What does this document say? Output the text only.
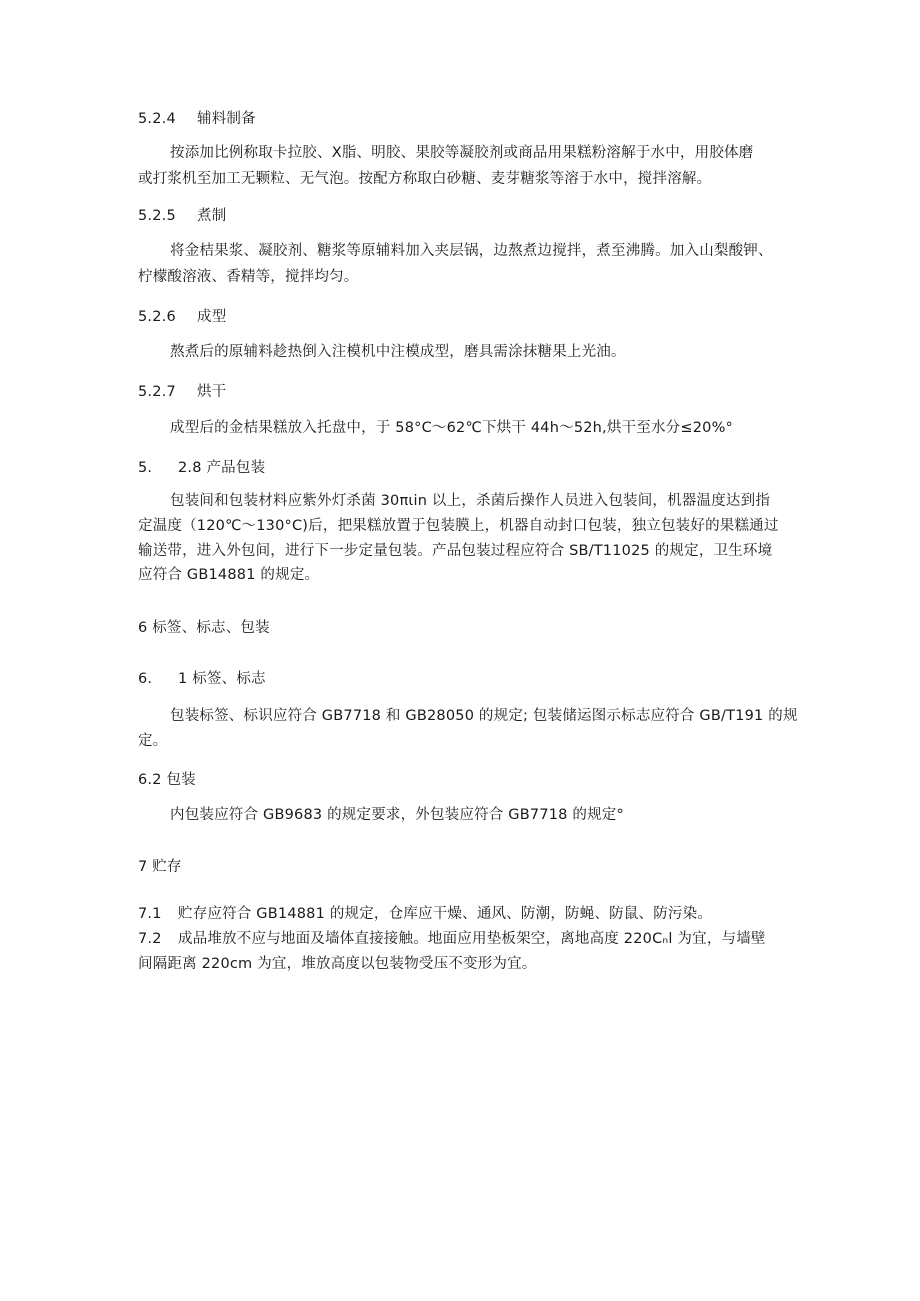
5.2.4 辅料制备
按添加比例称取卡拉胶、X脂、明胶、果胶等凝胶剂或商品用果糕粉溶解于水中，用胶体磨
或打浆机至加工无颗粒、无气泡。按配方称取白砂糖、麦芽糖浆等溶于水中，搅拌溶解。
5.2.5 煮制
将金桔果浆、凝胶剂、糖浆等原辅料加入夹层锅，边熬煮边搅拌，煮至沸腾。加入山梨酸钾、
柠檬酸溶液、香精等，搅拌均匀。
5.2.6 成型
熬煮后的原辅料趁热倒入注模机中注模成型，磨具需涂抹糖果上光油。
5.2.7 烘干
成型后的金桔果糕放入托盘中，于 58°C～62℃下烘干 44h～52h,烘干至水分≤20%°
5. 2.8 产品包装
包装间和包装材料应紫外灯杀菌 30πιin 以上，杀菌后操作人员进入包装间，机器温度达到指
定温度（120℃～130°C)后，把果糕放置于包装膜上，机器自动封口包装，独立包装好的果糕通过
输送带，进入外包间，进行下一步定量包装。产品包装过程应符合 SB/T11025 的规定，卫生环境
应符合 GB14881 的规定。
6 标签、标志、包装
6. 1 标签、标志
包装标签、标识应符合 GB7718 和 GB28050 的规定; 包装储运图示标志应符合 GB/T191 的规
定。
6.2 包装
内包装应符合 GB9683 的规定要求，外包装应符合 GB7718 的规定°
7 贮存
7.1 贮存应符合 GB14881 的规定，仓库应干燥、通风、防潮，防蝇、防鼠、防污染。
7.2 成品堆放不应与地面及墙体直接接触。地面应用垫板架空，离地高度 220Cₙl 为宜，与墙壁
间隔距离 220cm 为宜，堆放高度以包装物受压不变形为宜。
